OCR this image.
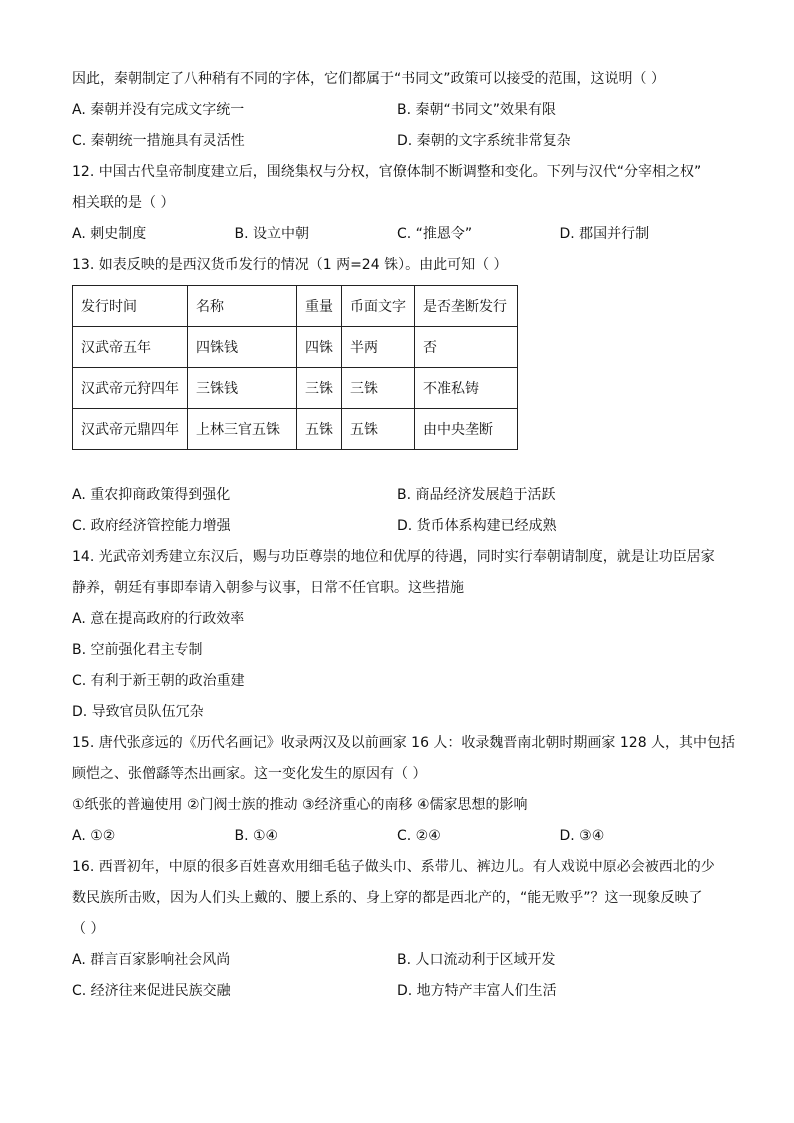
因此，秦朝制定了八种稍有不同的字体，它们都属于“书同文”政策可以接受的范围，这说明（ ）
A. 秦朝并没有完成文字统一	B. 秦朝“书同文”效果有限
C. 秦朝统一措施具有灵活性	D. 秦朝的文字系统非常复杂
12. 中国古代皇帝制度建立后，围绕集权与分权，官僚体制不断调整和变化。下列与汉代“分宰相之权”
相关联的是（ ）
A. 刺史制度	B. 设立中朝	C. “推恩令”	D. 郡国并行制
13. 如表反映的是西汉货币发行的情况（1 两=24 铢）。由此可知（ ）
发行时间	名称	重量	币面文字	是否垄断发行
汉武帝五年	四铢钱	四铢	半两	否
汉武帝元狩四年	三铢钱	三铢	三铢	不准私铸
汉武帝元鼎四年	上林三官五铢	五铢	五铢	由中央垄断
A. 重农抑商政策得到强化	B. 商品经济发展趋于活跃
C. 政府经济管控能力增强	D. 货币体系构建已经成熟
14. 光武帝刘秀建立东汉后，赐与功臣尊崇的地位和优厚的待遇，同时实行奉朝请制度，就是让功臣居家
静养，朝廷有事即奉请入朝参与议事，日常不任官职。这些措施
A. 意在提高政府的行政效率
B. 空前强化君主专制
C. 有利于新王朝的政治重建
D. 导致官员队伍冗杂
15. 唐代张彦远的《历代名画记》收录两汉及以前画家 16 人：收录魏晋南北朝时期画家 128 人，其中包括
顾恺之、张僧繇等杰出画家。这一变化发生的原因有（ ）
①纸张的普遍使用 ②门阀士族的推动 ③经济重心的南移 ④儒家思想的影响
A. ①②	B. ①④	C. ②④	D. ③④
16. 西晋初年，中原的很多百姓喜欢用细毛毡子做头巾、系带儿、裤边儿。有人戏说中原必会被西北的少
数民族所击败，因为人们头上戴的、腰上系的、身上穿的都是西北产的，“能无败乎”？这一现象反映了
（ ）
A. 群言百家影响社会风尚	B. 人口流动利于区域开发
C. 经济往来促进民族交融	D. 地方特产丰富人们生活
